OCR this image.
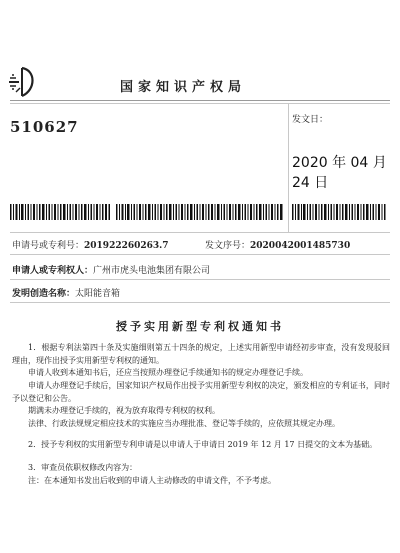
国家知识产权局
510627	发文日：
2020 年 04 月 24 日
申请号或专利号：201922260263.7	发文序号：2020042001485730
申请人或专利权人：广州市虎头电池集团有限公司
发明创造名称：太阳能音箱
授予实用新型专利权通知书
1．根据专利法第四十条及实施细则第五十四条的规定，上述实用新型申请经初步审查，没有发现驳回理由，现作出授予实用新型专利权的通知。
申请人收到本通知书后，还应当按照办理登记手续通知书的规定办理登记手续。
申请人办理登记手续后，国家知识产权局作出授予实用新型专利权的决定，颁发相应的专利证书，同时予以登记和公告。
期满未办理登记手续的，视为放弃取得专利权的权利。
法律、行政法规规定相应技术的实施应当办理批准、登记等手续的，应依照其规定办理。
2．授予专利权的实用新型专利申请是以申请人于申请日 2019 年 12 月 17 日提交的文本为基础。
3．审查员依职权修改内容为：
注：在本通知书发出后收到的申请人主动修改的申请文件，不予考虑。
